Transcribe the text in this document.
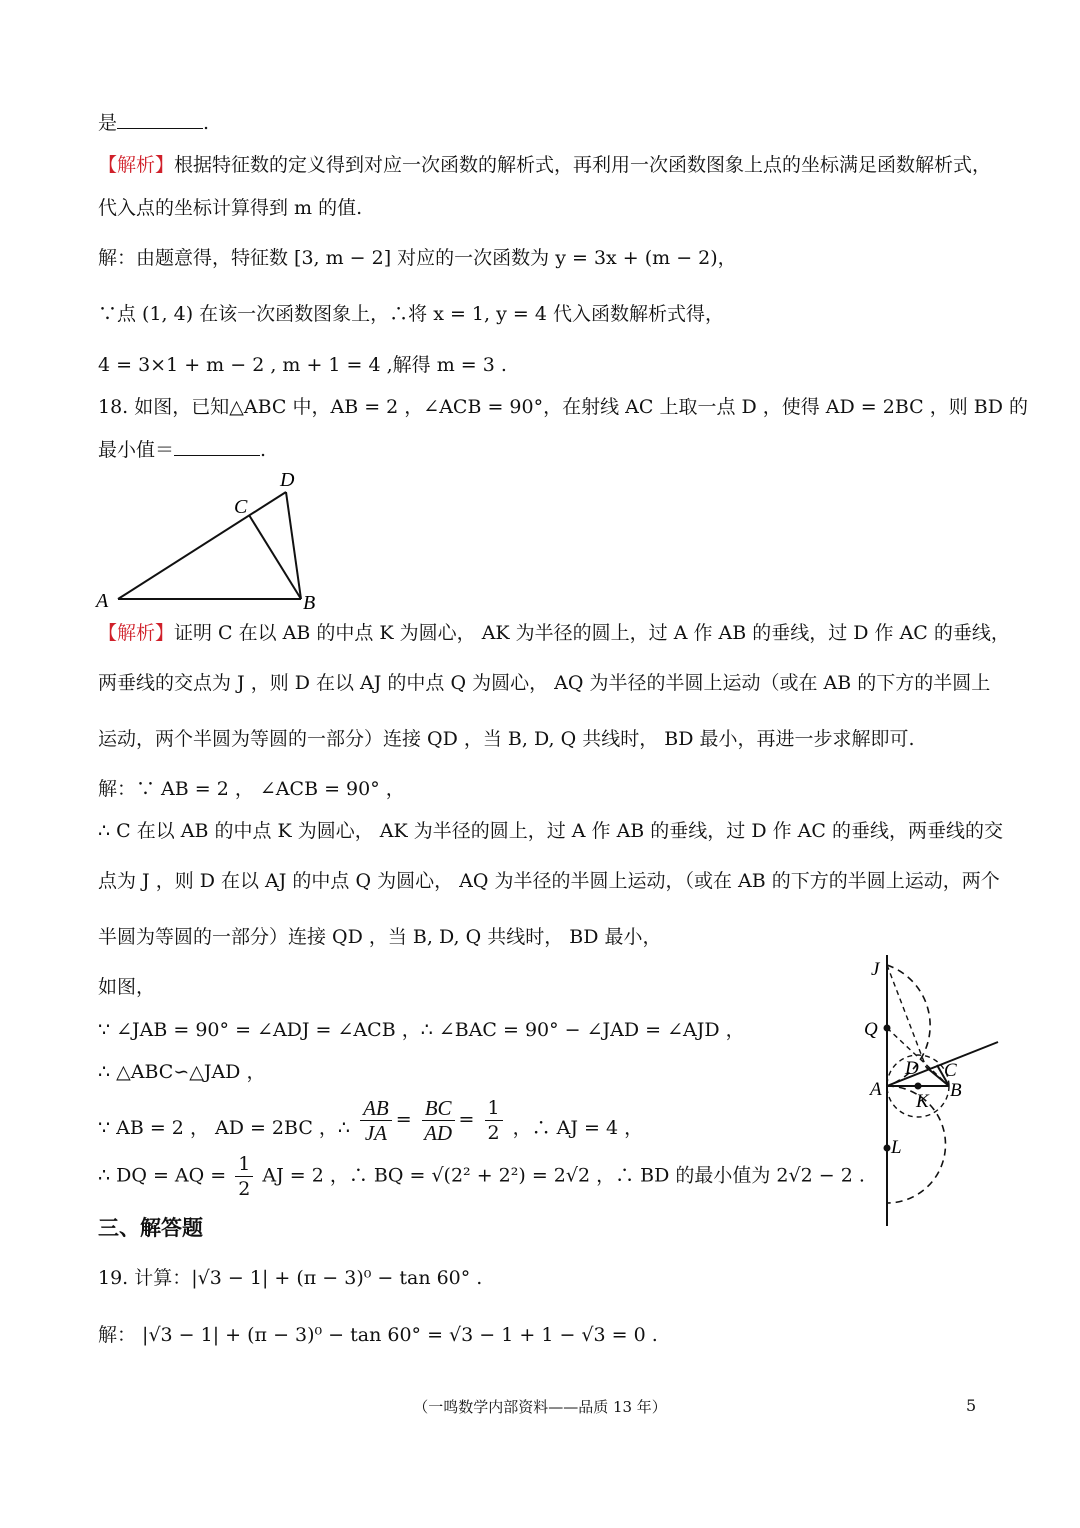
是	.
【解析】根据特征数的定义得到对应一次函数的解析式，再利用一次函数图象上点的坐标满足函数解析式，
代入点的坐标计算得到 m 的值.
解：由题意得，特征数 [3, m − 2] 对应的一次函数为 y = 3x + (m − 2)，
∵点 (1, 4) 在该一次函数图象上，∴将 x = 1, y = 4 代入函数解析式得，
4 = 3×1 + m − 2 , m + 1 = 4 ,解得 m = 3 .
18. 如图，已知△ABC 中，AB = 2 ，∠ACB = 90°，在射线 AC 上取一点 D ，使得 AD = 2BC ，则 BD 的
最小值＝	.
A	B
C
D
【解析】证明 C 在以 AB 的中点 K 为圆心， AK 为半径的圆上，过 A 作 AB 的垂线，过 D 作 AC 的垂线，
两垂线的交点为 J ，则 D 在以 AJ 的中点 Q 为圆心， AQ 为半径的半圆上运动（或在 AB 的下方的半圆上
运动，两个半圆为等圆的一部分）连接 QD ，当 B, D, Q 共线时， BD 最小，再进一步求解即可.
解：∵ AB = 2 ， ∠ACB = 90° ，
∴ C 在以 AB 的中点 K 为圆心， AK 为半径的圆上，过 A 作 AB 的垂线，过 D 作 AC 的垂线，两垂线的交
点为 J ，则 D 在以 AJ 的中点 Q 为圆心， AQ 为半径的半圆上运动，（或在 AB 的下方的半圆上运动，两个
半圆为等圆的一部分）连接 QD ，当 B, D, Q 共线时， BD 最小，
如图，
∵ ∠JAB = 90° = ∠ADJ = ∠ACB ，∴ ∠BAC = 90° − ∠JAD = ∠AJD ，
∴ △ABC∽△JAD ，
∵ AB = 2 ， AD = 2BC ，∴ $\frac{AB}{JA} = \frac{BC}{AD} = \frac{1}{2}$ ，∴ AJ = 4 ，
∴ DQ = AQ = $\frac{1}{2}$ AJ = 2 ，∴ BQ = √(2² + 2²) = 2√2 ，∴ BD 的最小值为 2√2 − 2 .
J
Q
D C
A	B
K
L
三、解答题
19. 计算：|√3 − 1| + (π − 3)⁰ − tan 60° .
解： |√3 − 1| + (π − 3)⁰ − tan 60° = √3 − 1 + 1 − √3 = 0 .
（一鸣数学内部资料——品质 13 年）	5
